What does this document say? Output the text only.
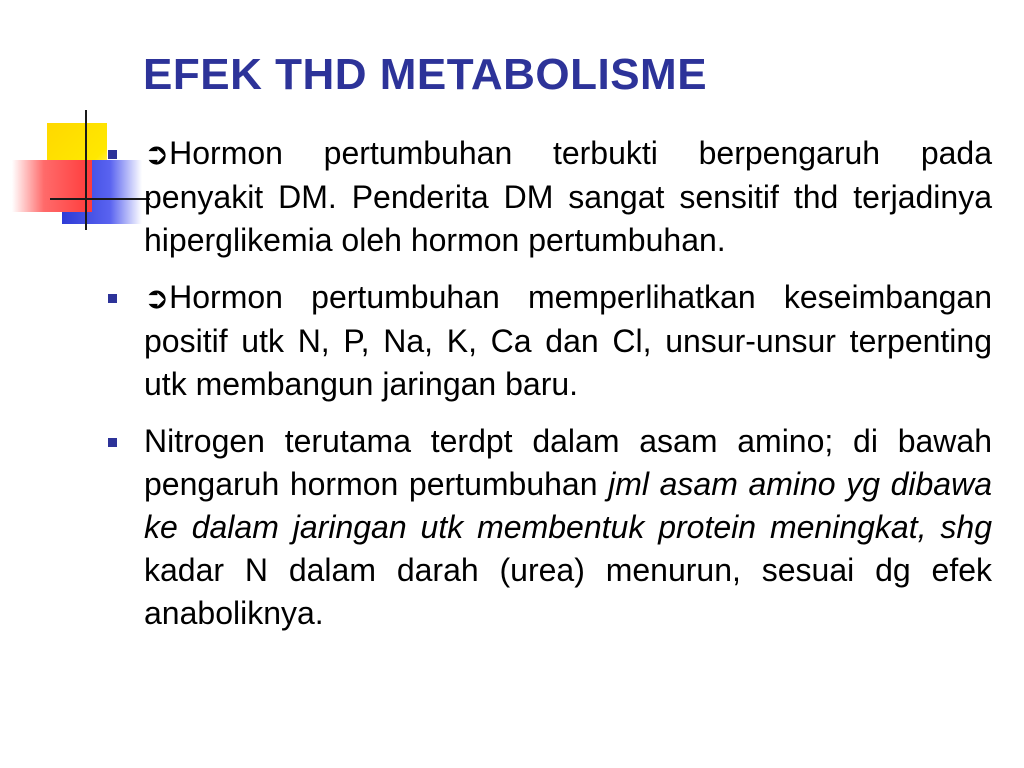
EFEK THD METABOLISME
➲Hormon pertumbuhan terbukti berpengaruh pada penyakit DM. Penderita DM sangat sensitif thd terjadinya hiperglikemia oleh hormon pertumbuhan.
➲Hormon pertumbuhan memperlihatkan keseimbangan positif utk N, P, Na, K, Ca dan Cl, unsur-unsur terpenting utk membangun jaringan baru.
Nitrogen terutama terdpt dalam asam amino; di bawah pengaruh hormon pertumbuhan jml asam amino yg dibawa ke dalam jaringan utk membentuk protein meningkat, shg kadar N dalam darah (urea) menurun, sesuai dg efek anaboliknya.
